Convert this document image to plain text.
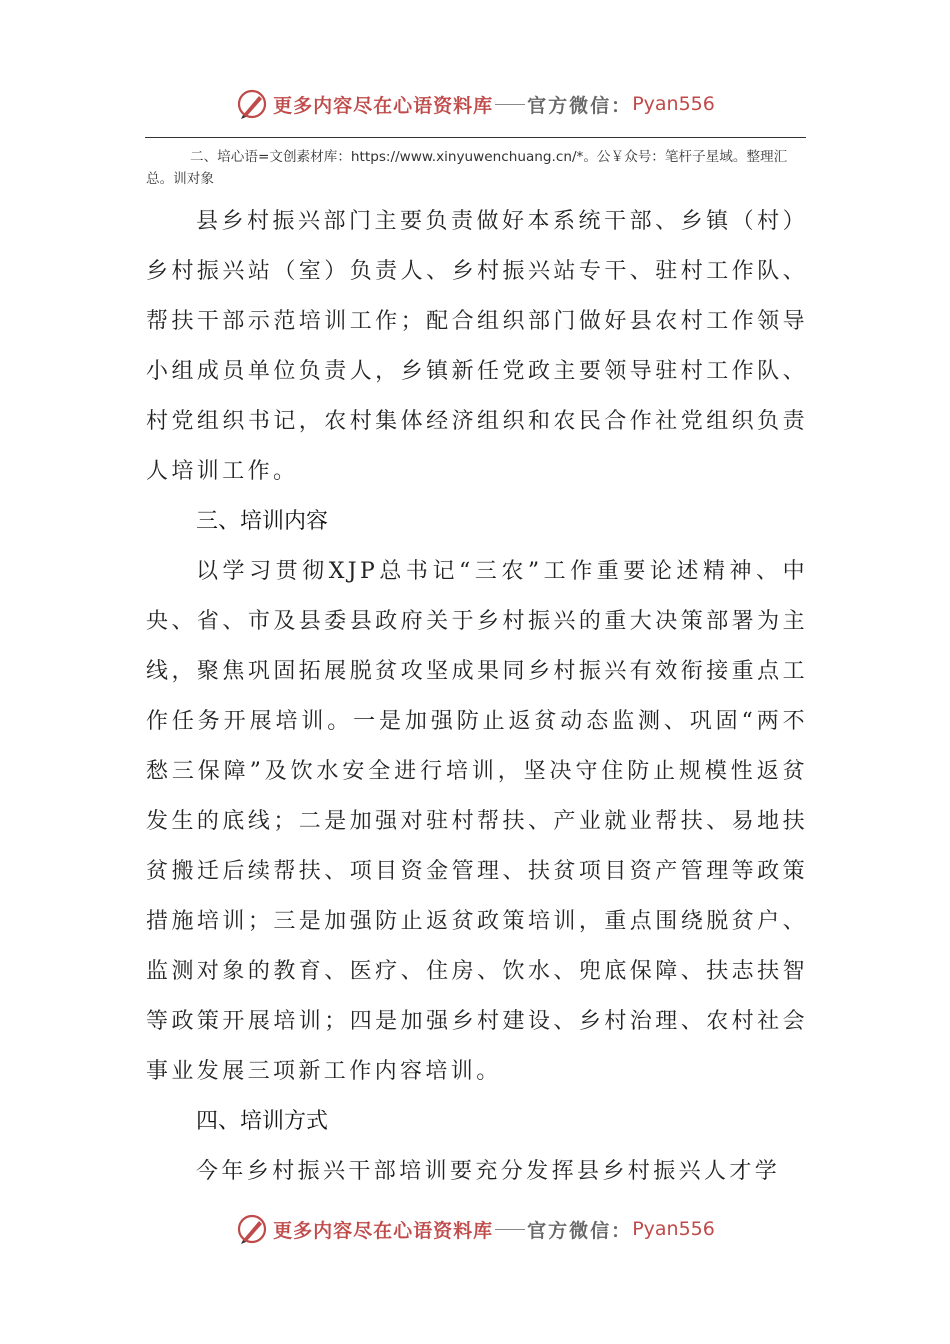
更多内容尽在心语资料库 官方微信： Pyan556
二、培心语=文创素材库：https://www.xinyuwenchuang.cn/*。公￥众号：笔杆子星域。整理汇总。训对象

县乡村振兴部门主要负责做好本系统干部、乡镇（村）乡村振兴站（室）负责人、乡村振兴站专干、驻村工作队、帮扶干部示范培训工作；配合组织部门做好县农村工作领导小组成员单位负责人，乡镇新任党政主要领导驻村工作队、村党组织书记，农村集体经济组织和农民合作社党组织负责人培训工作。

三、培训内容

以学习贯彻XJP总书记“三农”工作重要论述精神、中央、省、市及县委县政府关于乡村振兴的重大决策部署为主线，聚焦巩固拓展脱贫攻坚成果同乡村振兴有效衔接重点工作任务开展培训。一是加强防止返贫动态监测、巩固“两不愁三保障”及饮水安全进行培训，坚决守住防止规模性返贫发生的底线；二是加强对驻村帮扶、产业就业帮扶、易地扶贫搬迁后续帮扶、项目资金管理、扶贫项目资产管理等政策措施培训；三是加强防止返贫政策培训，重点围绕脱贫户、监测对象的教育、医疗、住房、饮水、兜底保障、扶志扶智等政策开展培训；四是加强乡村建设、乡村治理、农村社会事业发展三项新工作内容培训。

四、培训方式

今年乡村振兴干部培训要充分发挥县乡村振兴人才学

更多内容尽在心语资料库 官方微信： Pyan556
